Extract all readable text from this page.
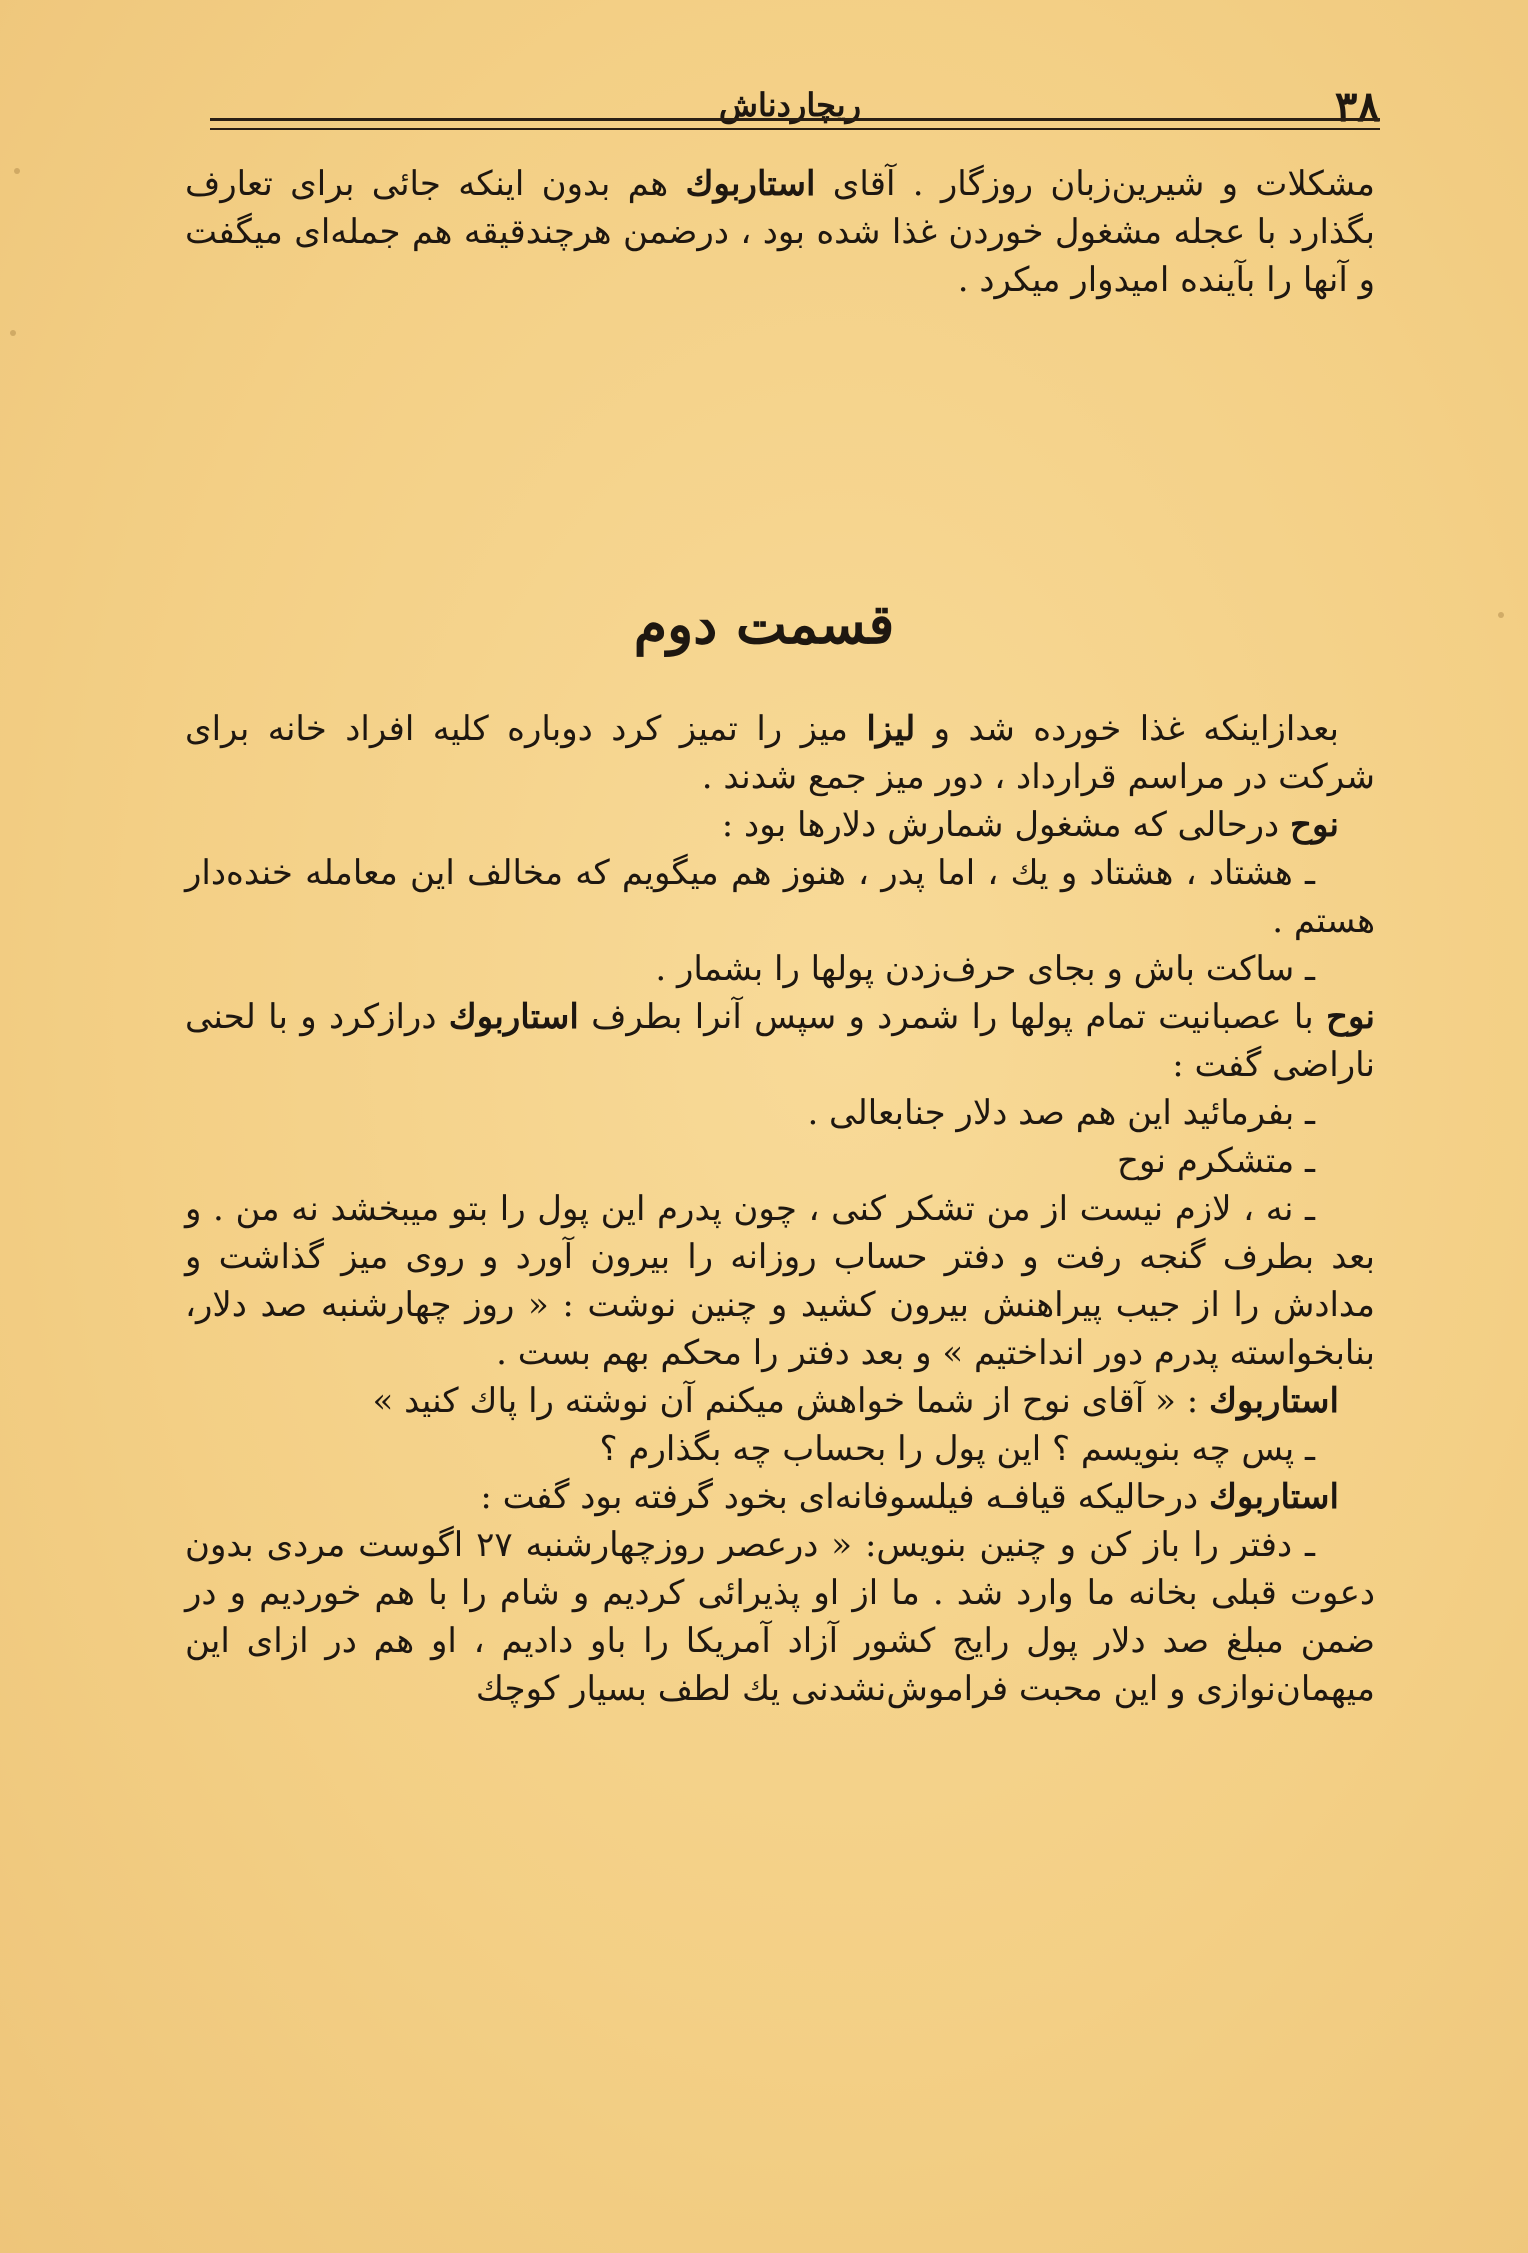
۳۸
ریچاردناش

مشکلات و شیرین‌زبان روزگار . آقای استاربوك هم بدون اینکه جائی برای تعارف بگذارد با عجله مشغول خوردن غذا شده بود ، درضمن هرچندقیقه هم جمله‌ای میگفت و آنها را بآینده امیدوار میکرد .

قسمت دوم

بعدازاینکه غذا خورده شد و لیزا میز را تمیز کرد دوباره کلیه افراد خانه برای شرکت در مراسم قرارداد ، دور میز جمع شدند .

نوح درحالی که مشغول شمارش دلارها بود :

ـ هشتاد ، هشتاد و یك ، اما پدر ، هنوز هم میگویم که مخالف این معامله خنده‌دار هستم .

ـ ساکت باش و بجای حرف‌زدن پولها را بشمار .

نوح با عصبانیت تمام پولها را شمرد و سپس آنرا بطرف استاربوك درازکرد و با لحنی ناراضی گفت :

ـ بفرمائید این هم صد دلار جنابعالی .

ـ متشکرم نوح

ـ نه ، لازم نیست از من تشکر کنی ، چون پدرم این پول را بتو میبخشد نه من . و بعد بطرف گنجه رفت و دفتر حساب روزانه را بیرون آورد و روی میز گذاشت و مدادش را از جیب پیراهنش بیرون کشید و چنین نوشت : « روز چهارشنبه صد دلار، بنابخواسته پدرم دور انداختیم » و بعد دفتر را محکم بهم بست .

استاربوك : « آقای نوح از شما خواهش میکنم آن نوشته را پاك کنید »

ـ پس چه بنویسم ؟ این پول را بحساب چه بگذارم ؟

استاربوك درحالیکه قیافـه فیلسوفانه‌ای بخود گرفته بود گفت :

ـ دفتر را باز کن و چنین بنویس: « درعصر روزچهارشنبه ۲۷ اگوست مردی بدون دعوت قبلی بخانه ما وارد شد . ما از او پذیرائی کردیم و شام را با هم خوردیم و در ضمن مبلغ صد دلار پول رایج کشور آزاد آمریکا را باو دادیم ، او هم در ازای این میهمان‌نوازی و این محبت فراموش‌نشدنی یك لطف بسیار کوچك
